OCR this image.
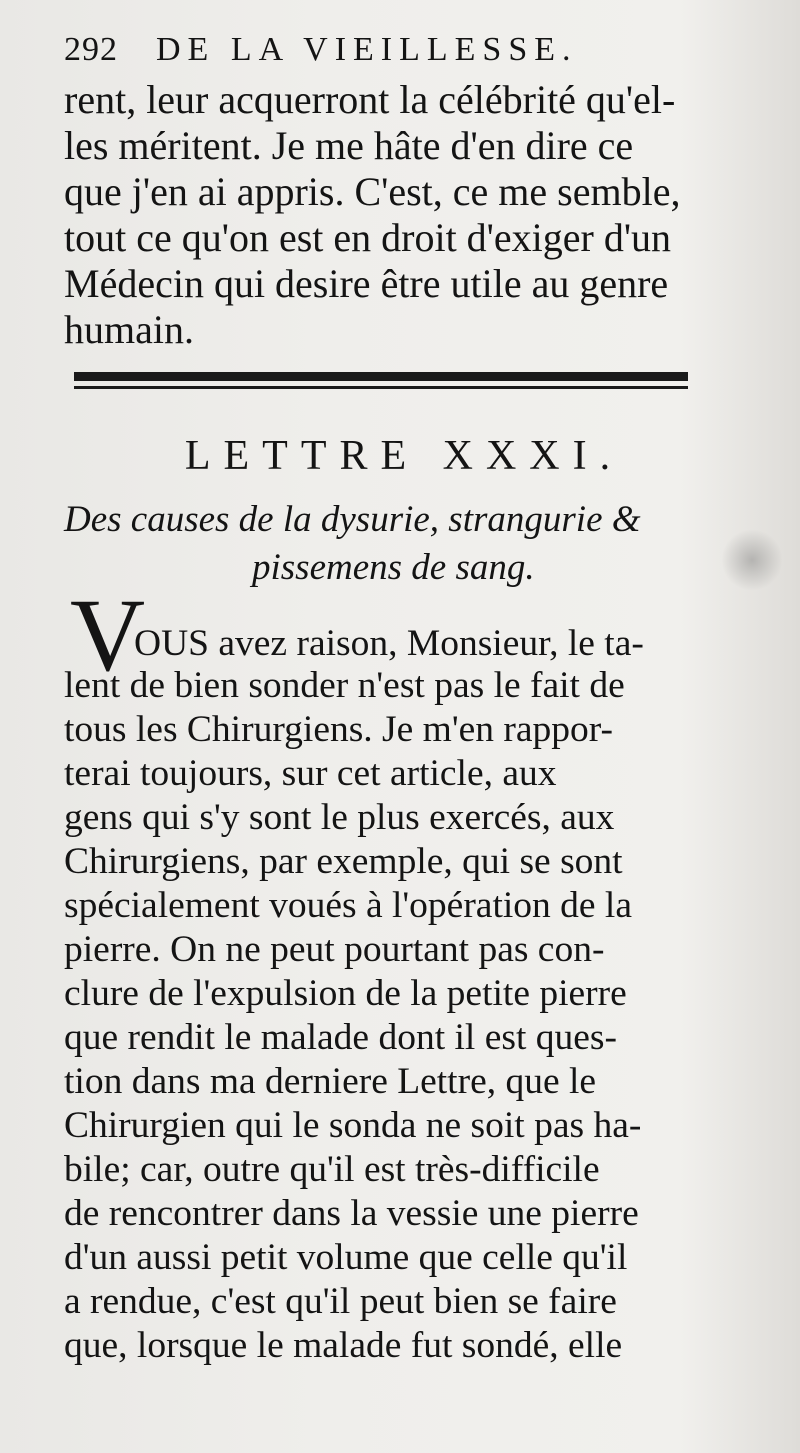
292 DE LA VIEILLESSE.

rent, leur acquerront la célébrité qu'el-

les méritent. Je me hâte d'en dire ce

que j'en ai appris. C'est, ce me semble,

tout ce qu'on est en droit d'exiger d'un

Médecin qui desire être utile au genre

humain.

LETTRE XXXI.

Des causes de la dysurie, strangurie &

pissemens de sang.

V

OUS avez raison, Monsieur, le ta-

lent de bien sonder n'est pas le fait de

tous les Chirurgiens. Je m'en rappor-

terai toujours, sur cet article, aux

gens qui s'y sont le plus exercés, aux

Chirurgiens, par exemple, qui se sont

spécialement voués à l'opération de la

pierre. On ne peut pourtant pas con-

clure de l'expulsion de la petite pierre

que rendit le malade dont il est ques-

tion dans ma derniere Lettre, que le

Chirurgien qui le sonda ne soit pas ha-

bile; car, outre qu'il est très-difficile

de rencontrer dans la vessie une pierre

d'un aussi petit volume que celle qu'il

a rendue, c'est qu'il peut bien se faire

que, lorsque le malade fut sondé, elle
